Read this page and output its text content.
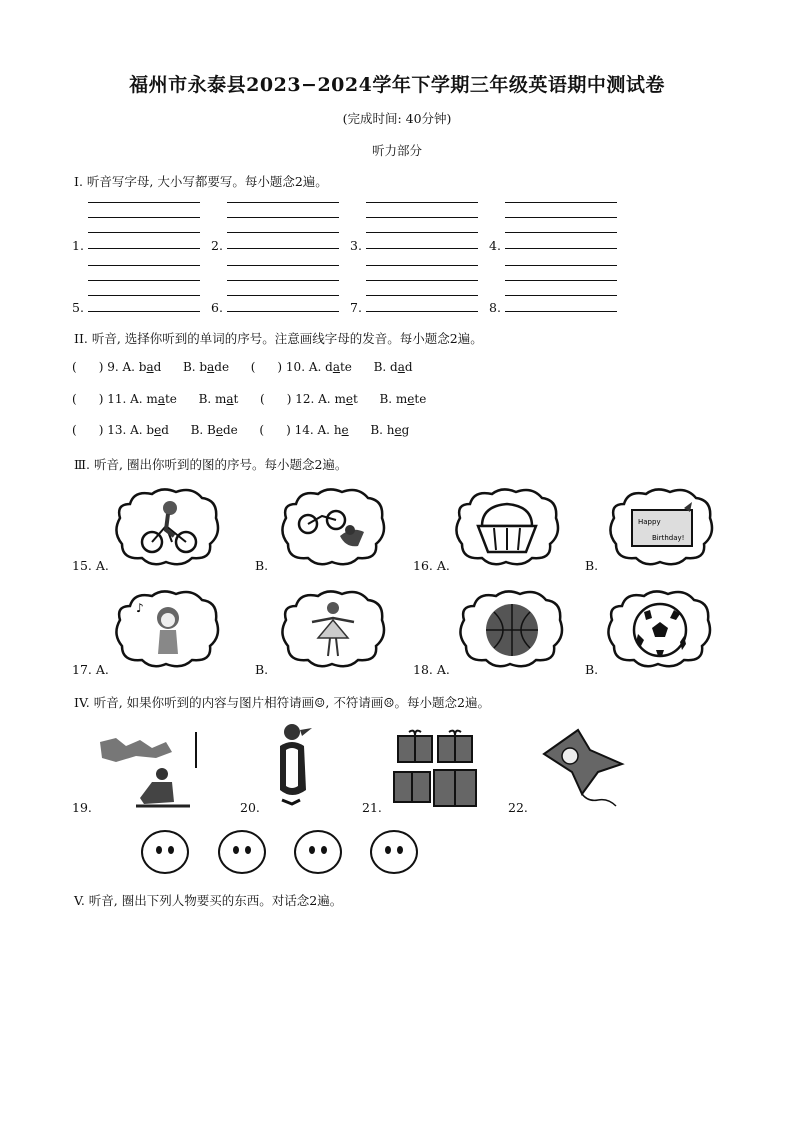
福州市永泰县2023−2024学年下学期三年级英语期中测试卷
(完成时间: 40分钟)
听力部分
Ⅰ. 听音写字母, 大小写都要写。每小题念2遍。
1.	2.	3.	4.
5.	6.	7.	8.
II. 听音, 选择你听到的单词的序号。注意画线字母的发音。每小题念2遍。
( ) 9. A. bad B. bade ( ) 10. A. date B. dad
( ) 11. A. mate B. mat ( ) 12. A. met B. mete
( ) 13. A. bed B. Bede ( ) 14. A. he B. heg
Ⅲ. 听音, 圈出你听到的图的序号。每小题念2遍。
Happy
Birthday!
15. A.	B.	16. A.	B.
♪
17. A.	B.	18. A.	B.
IV. 听音, 如果你听到的内容与图片相符请画☺, 不符请画☹。每小题念2遍。
19.	20.	21.	22.
V. 听音, 圈出下列人物要买的东西。对话念2遍。
